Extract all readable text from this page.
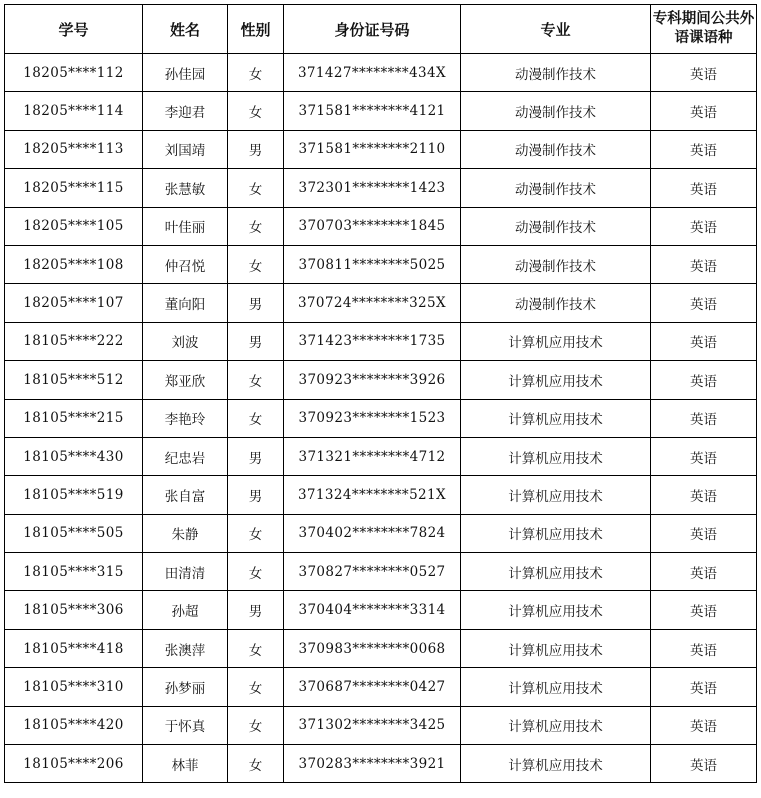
学号	姓名	性别	身份证号码	专业	专科期间公共外语课语种
18205****112	孙佳园	女	371427********434X	动漫制作技术	英语
18205****114	李迎君	女	371581********4121	动漫制作技术	英语
18205****113	刘国靖	男	371581********2110	动漫制作技术	英语
18205****115	张慧敏	女	372301********1423	动漫制作技术	英语
18205****105	叶佳丽	女	370703********1845	动漫制作技术	英语
18205****108	仲召悦	女	370811********5025	动漫制作技术	英语
18205****107	董向阳	男	370724********325X	动漫制作技术	英语
18105****222	刘波	男	371423********1735	计算机应用技术	英语
18105****512	郑亚欣	女	370923********3926	计算机应用技术	英语
18105****215	李艳玲	女	370923********1523	计算机应用技术	英语
18105****430	纪忠岩	男	371321********4712	计算机应用技术	英语
18105****519	张自富	男	371324********521X	计算机应用技术	英语
18105****505	朱静	女	370402********7824	计算机应用技术	英语
18105****315	田清清	女	370827********0527	计算机应用技术	英语
18105****306	孙超	男	370404********3314	计算机应用技术	英语
18105****418	张澳萍	女	370983********0068	计算机应用技术	英语
18105****310	孙梦丽	女	370687********0427	计算机应用技术	英语
18105****420	于怀真	女	371302********3425	计算机应用技术	英语
18105****206	林菲	女	370283********3921	计算机应用技术	英语
